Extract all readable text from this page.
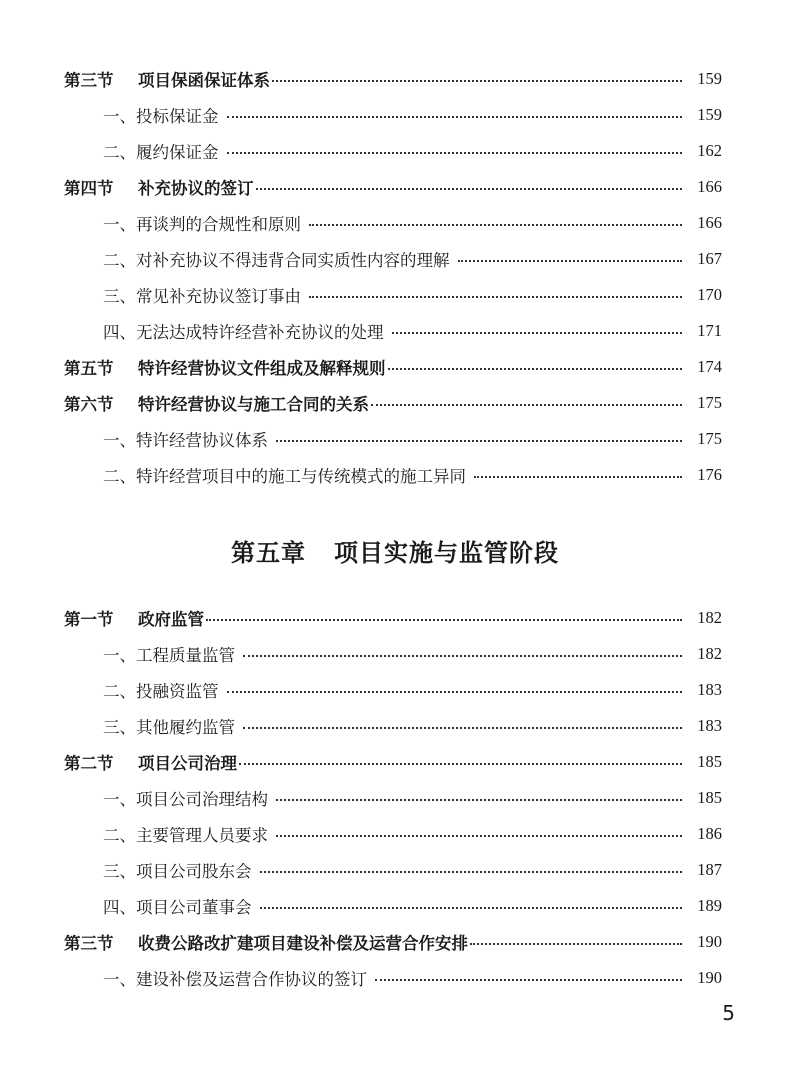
第三节	项目保函保证体系	159
一、投标保证金	159
二、履约保证金	162
第四节	补充协议的签订	166
一、再谈判的合规性和原则	166
二、对补充协议不得违背合同实质性内容的理解	167
三、常见补充协议签订事由	170
四、无法达成特许经营补充协议的处理	171
第五节	特许经营协议文件组成及解释规则	174
第六节	特许经营协议与施工合同的关系	175
一、特许经营协议体系	175
二、特许经营项目中的施工与传统模式的施工异同	176
第五章   项目实施与监管阶段
第一节	政府监管	182
一、工程质量监管	182
二、投融资监管	183
三、其他履约监管	183
第二节	项目公司治理	185
一、项目公司治理结构	185
二、主要管理人员要求	186
三、项目公司股东会	187
四、项目公司董事会	189
第三节	收费公路改扩建项目建设补偿及运营合作安排	190
一、建设补偿及运营合作协议的签订	190
5
